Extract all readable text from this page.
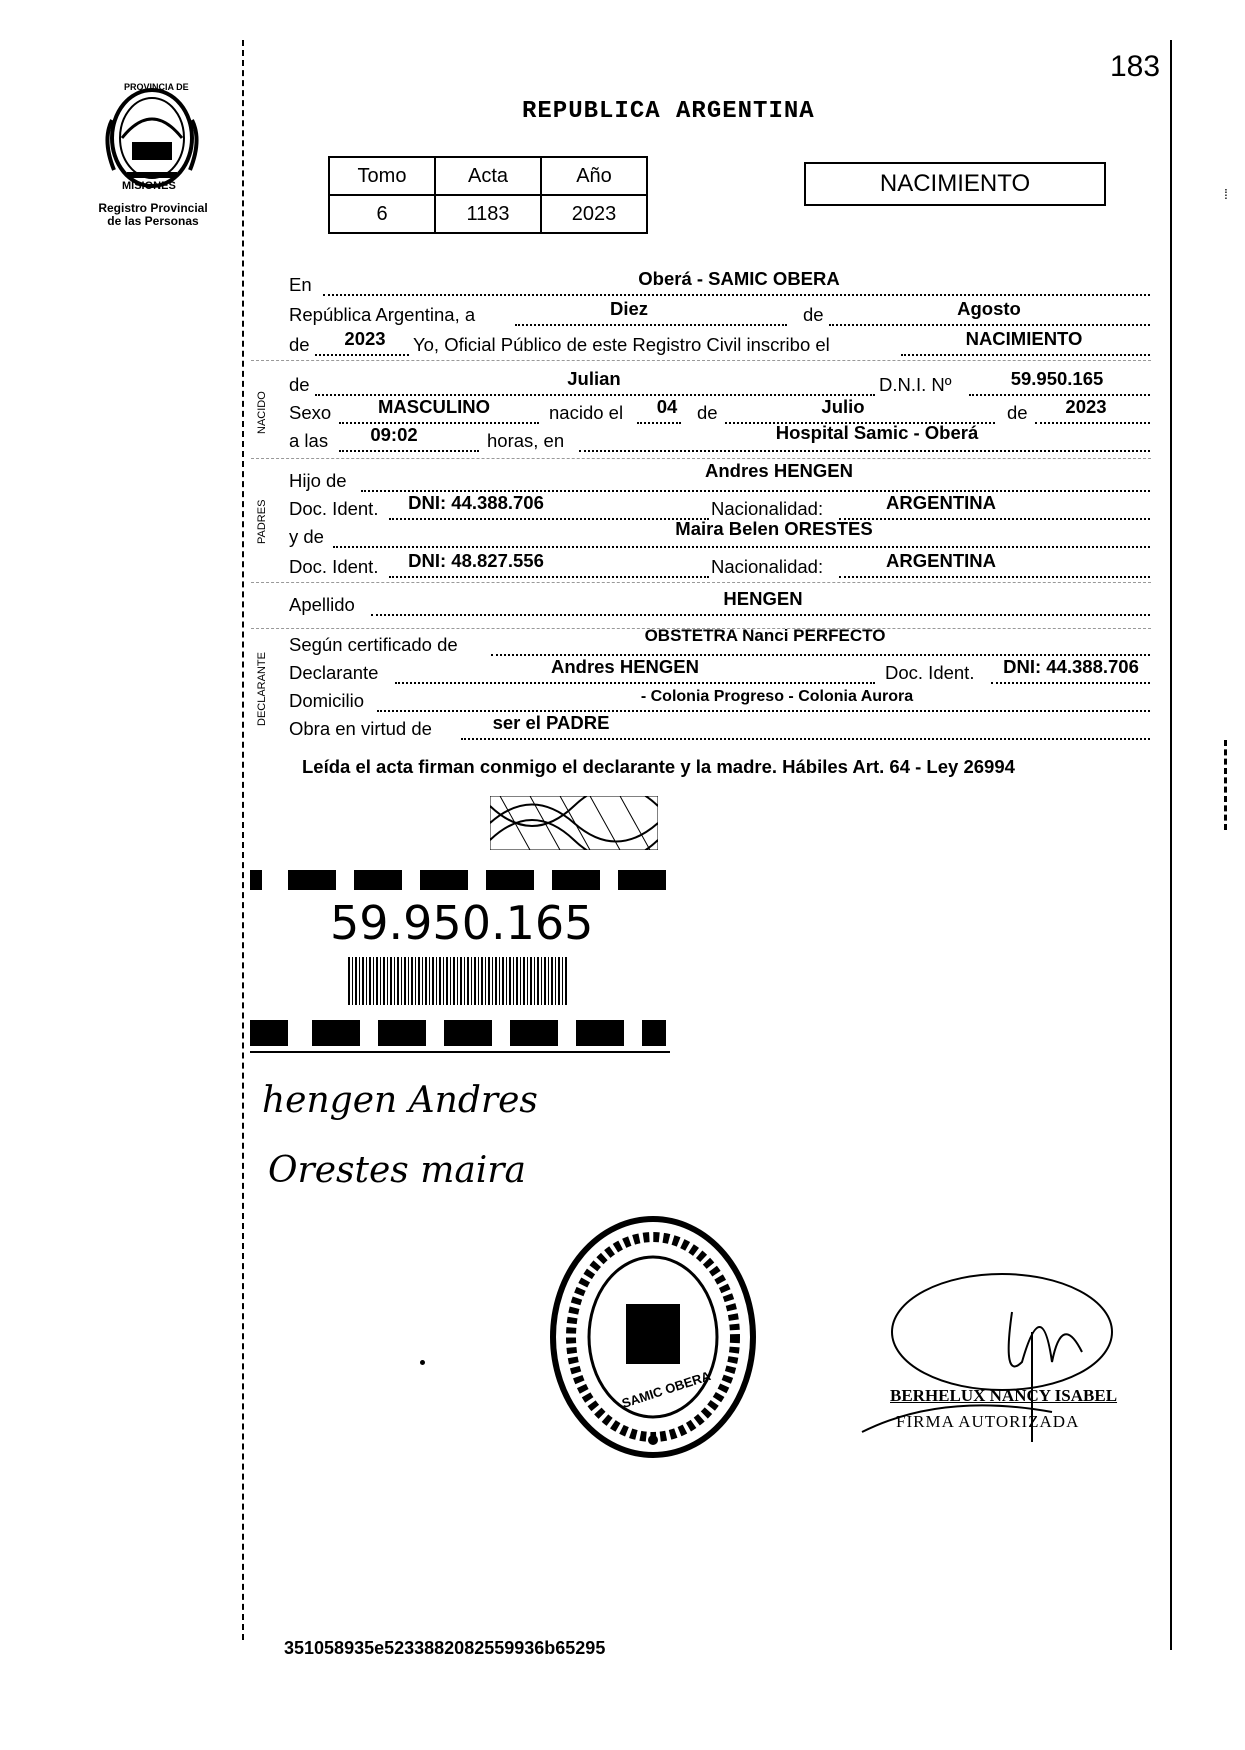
183
PROVINCIA DE
MISIONES
Registro Provincial
de las Personas
REPUBLICA ARGENTINA
Tomo	Acta	Año
6	1183	2023
NACIMIENTO
NACIDO
PADRES
DECLARANTE
En	Oberá - SAMIC OBERA
República Argentina, a	Diez	de	Agosto
de 2023 Yo, Oficial Público de este Registro Civil inscribo el	NACIMIENTO
de	Julian	D.N.I. Nº	59.950.165
Sexo	MASCULINO	nacido el 04 de	Julio	de 2023
a las 09:02	horas, en	Hospital Samic - Oberá
Hijo de	Andres HENGEN
Doc. Ident. DNI: 44.388.706	Nacionalidad:	ARGENTINA
y de	Maira Belen ORESTES
Doc. Ident. DNI: 48.827.556	Nacionalidad:	ARGENTINA
Apellido	HENGEN
Según certificado de	OBSTETRA Nanci PERFECTO
Declarante	Andres HENGEN	Doc. Ident. DNI: 44.388.706
Domicilio	- Colonia Progreso - Colonia Aurora
Obra en virtud de	ser el PADRE
Leída el acta firman conmigo el declarante y la madre. Hábiles Art. 64 - Ley 26994
59.950.165
hengen Andres
Orestes maira
SAMIC OBERA
DELEGACIÓN DEL REGISTRO PROVINCIAL DE LAS PERSONAS
BERHELUX NANCY ISABEL
FIRMA AUTORIZADA
351058935e5233882082559936b65295
⁞
